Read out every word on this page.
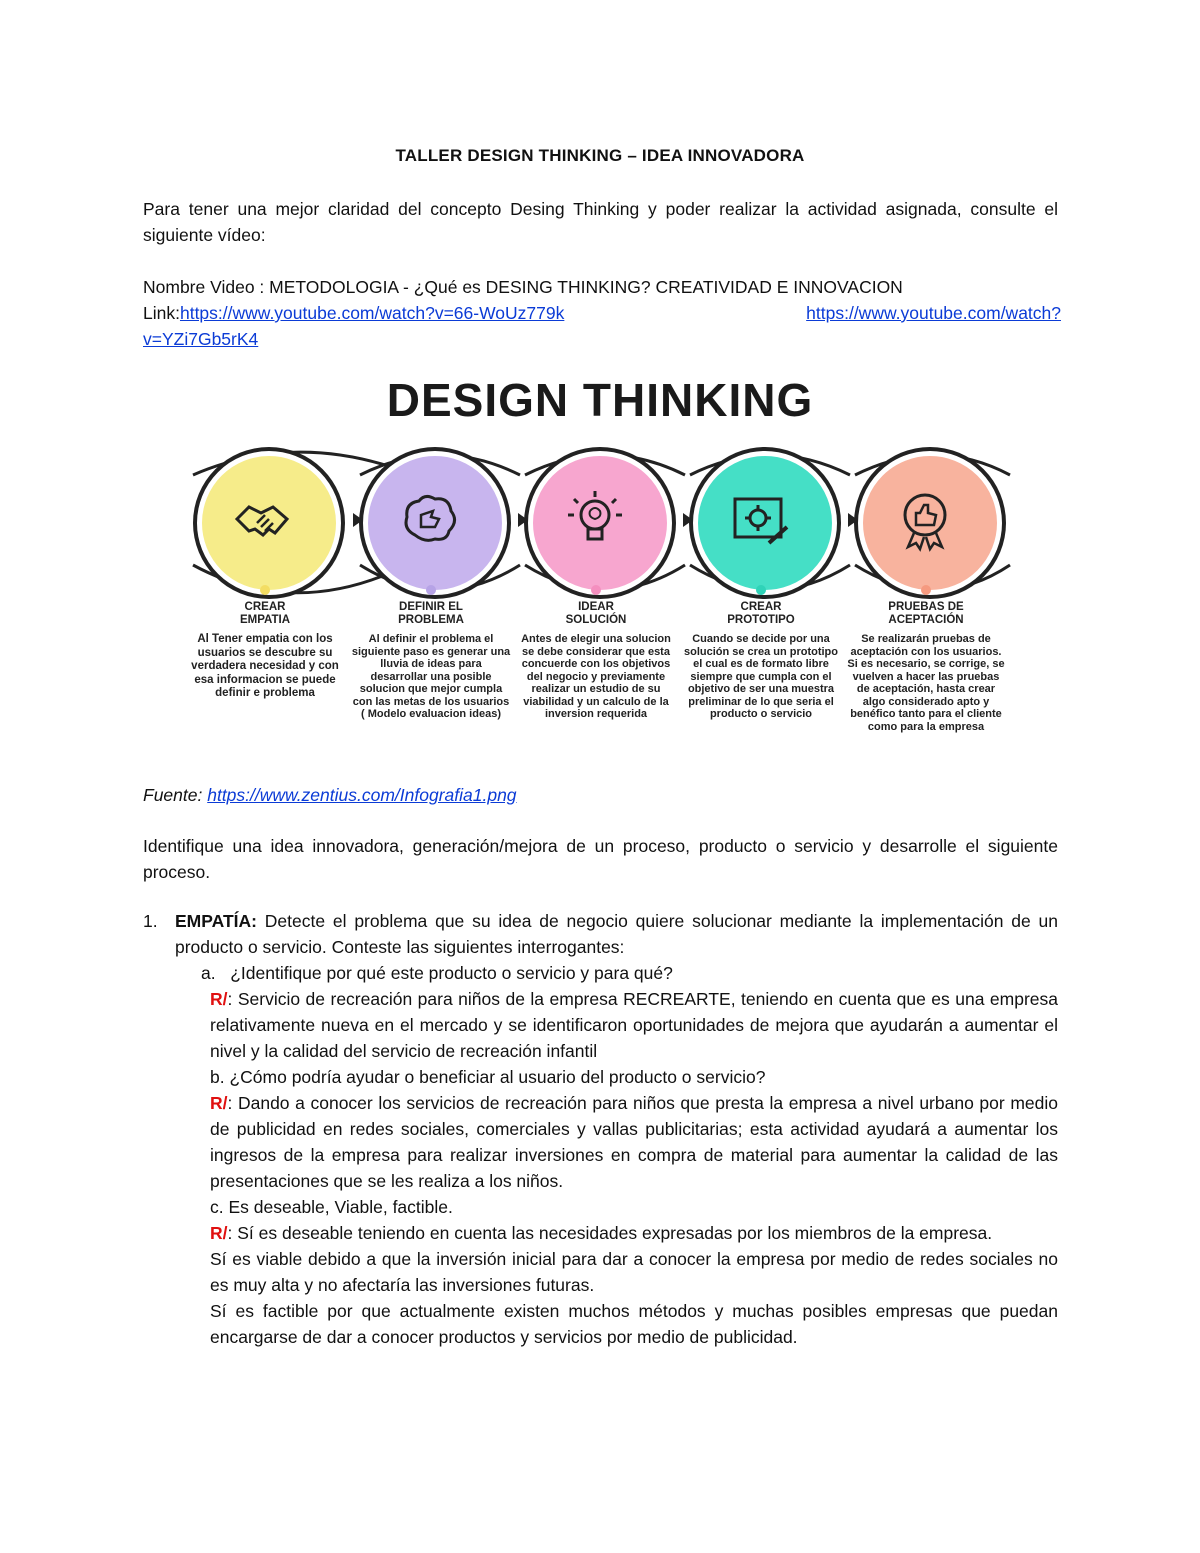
TALLER DESIGN THINKING – IDEA INNOVADORA

Para tener una mejor claridad del concepto Desing Thinking y poder realizar la actividad asignada, consulte el siguiente vídeo:

Nombre Video : METODOLOGIA - ¿Qué es DESING THINKING? CREATIVIDAD E INNOVACION

Link:https://www.youtube.com/watch?v=66-WoUz779k	https://www.youtube.com/watch?
v=YZi7Gb5rK4
DESIGN THINKING
CREAR
EMPATIA
Al Tener empatia con los usuarios se descubre su verdadera necesidad y con esa informacion se puede definir e problema
DEFINIR EL
PROBLEMA
Al definir el problema el siguiente paso es generar una lluvia de ideas para desarrollar una posible solucion que mejor cumpla con las metas de los usuarios ( Modelo evaluacion ideas)
IDEAR
SOLUCIÓN
Antes de elegir una solucion se debe considerar que esta concuerde con los objetivos del negocio y previamente realizar un estudio de su viabilidad y un calculo de la inversion requerida
CREAR
PROTOTIPO
Cuando se decide por una solución se crea un prototipo el cual es de formato libre siempre que cumpla con el objetivo de ser una muestra preliminar de lo que seria el producto o servicio
PRUEBAS DE
ACEPTACIÓN
Se realizarán pruebas de aceptación con los usuarios. Si es necesario, se corrige, se vuelven a hacer las pruebas de aceptación, hasta crear algo considerado apto y benéfico tanto para el cliente como para la empresa
Fuente: https://www.zentius.com/Infografia1.png

Identifique una idea innovadora, generación/mejora de un proceso, producto o servicio y desarrolle el siguiente proceso.

1. EMPATÍA: Detecte el problema que su idea de negocio quiere solucionar mediante la implementación de un producto o servicio. Conteste las siguientes interrogantes:
a. ¿Identifique por qué este producto o servicio y para qué?
R/: Servicio de recreación para niños de la empresa RECREARTE, teniendo en cuenta que es una empresa relativamente nueva en el mercado y se identificaron oportunidades de mejora que ayudarán a aumentar el nivel y la calidad del servicio de recreación infantil
b. ¿Cómo podría ayudar o beneficiar al usuario del producto o servicio?
R/: Dando a conocer los servicios de recreación para niños que presta la empresa a nivel urbano por medio de publicidad en redes sociales, comerciales y vallas publicitarias; esta actividad ayudará a aumentar los ingresos de la empresa para realizar inversiones en compra de material para aumentar la calidad de las presentaciones que se les realiza a los niños.
c. Es deseable, Viable, factible.
R/: Sí es deseable teniendo en cuenta las necesidades expresadas por los miembros de la empresa.
Sí es viable debido a que la inversión inicial para dar a conocer la empresa por medio de redes sociales no es muy alta y no afectaría las inversiones futuras.
Sí es factible por que actualmente existen muchos métodos y muchas posibles empresas que puedan encargarse de dar a conocer productos y servicios por medio de publicidad.
